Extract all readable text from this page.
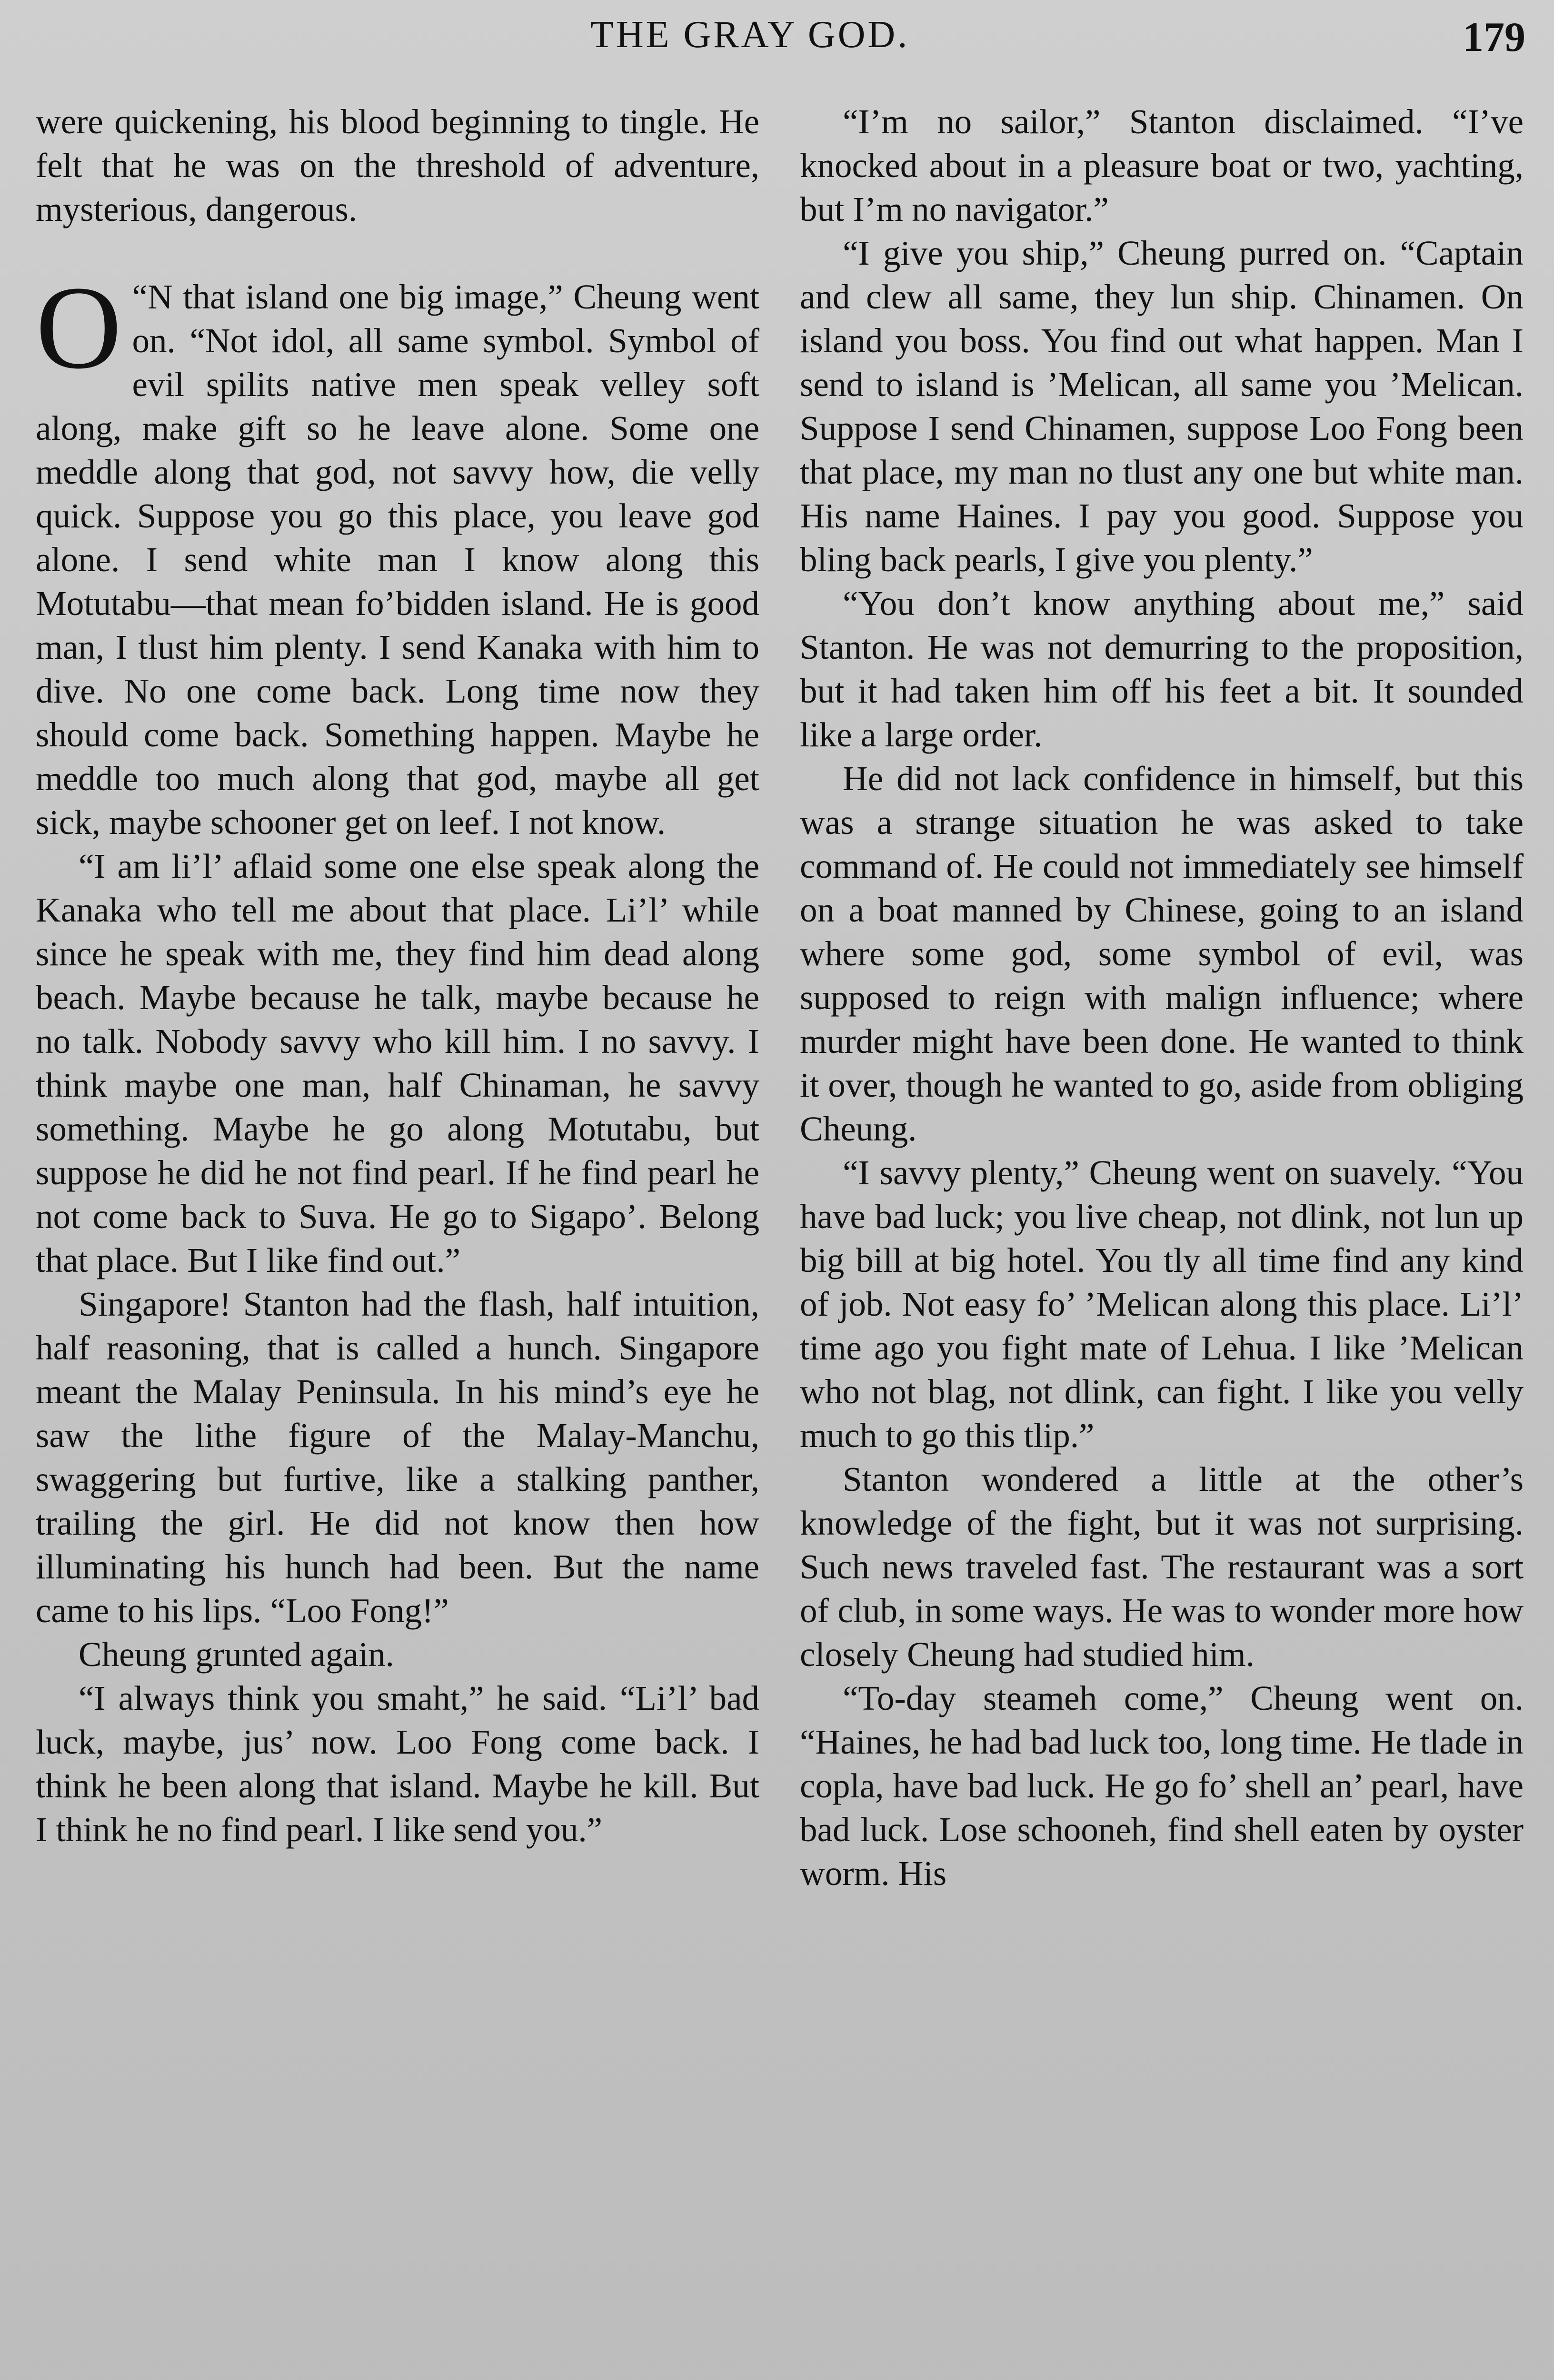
THE GRAY GOD.	179

were quickening, his blood beginning to tingle. He felt that he was on the threshold of adventure, mysterious, dangerous.

“
O N that island one big image,” Cheung went on. “Not idol, all same symbol. Symbol of evil spilits native men speak velley soft along, make gift so he leave alone. Some one meddle along that god, not savvy how, die velly quick. Suppose you go this place, you leave god alone. I send white man I know along this Motutabu—that mean fo’bidden island. He is good man, I tlust him plenty. I send Kanaka with him to dive. No one come back. Long time now they should come back. Something happen. Maybe he meddle too much along that god, maybe all get sick, maybe schooner get on leef. I not know.

“I am li’l’ aflaid some one else speak along the Kanaka who tell me about that place. Li’l’ while since he speak with me, they find him dead along beach. Maybe because he talk, maybe because he no talk. Nobody savvy who kill him. I no savvy. I think maybe one man, half Chinaman, he savvy something. Maybe he go along Motutabu, but suppose he did he not find pearl. If he find pearl he not come back to Suva. He go to Sigapo’. Belong that place. But I like find out.”

Singapore! Stanton had the flash, half intuition, half reasoning, that is called a hunch. Singapore meant the Malay Peninsula. In his mind’s eye he saw the lithe figure of the Malay-Manchu, swaggering but furtive, like a stalking panther, trailing the girl. He did not know then how illuminating his hunch had been. But the name came to his lips. “Loo Fong!”

Cheung grunted again.

“I always think you smaht,” he said. “Li’l’ bad luck, maybe, jus’ now. Loo Fong come back. I think he been along that island. Maybe he kill. But I think he no find pearl. I like send you.”

“I’m no sailor,” Stanton disclaimed. “I’ve knocked about in a pleasure boat or two, yachting, but I’m no navigator.”

“I give you ship,” Cheung purred on. “Captain and clew all same, they lun ship. Chinamen. On island you boss. You find out what happen. Man I send to island is ’Melican, all same you ’Melican. Suppose I send Chinamen, suppose Loo Fong been that place, my man no tlust any one but white man. His name Haines. I pay you good. Suppose you bling back pearls, I give you plenty.”

“You don’t know anything about me,” said Stanton. He was not demurring to the proposition, but it had taken him off his feet a bit. It sounded like a large order.

He did not lack confidence in himself, but this was a strange situation he was asked to take command of. He could not immediately see himself on a boat manned by Chinese, going to an island where some god, some symbol of evil, was supposed to reign with malign influence; where murder might have been done. He wanted to think it over, though he wanted to go, aside from obliging Cheung.

“I savvy plenty,” Cheung went on suavely. “You have bad luck; you live cheap, not dlink, not lun up big bill at big hotel. You tly all time find any kind of job. Not easy fo’ ’Melican along this place. Li’l’ time ago you fight mate of Lehua. I like ’Melican who not blag, not dlink, can fight. I like you velly much to go this tlip.”

Stanton wondered a little at the other’s knowledge of the fight, but it was not surprising. Such news traveled fast. The restaurant was a sort of club, in some ways. He was to wonder more how closely Cheung had studied him.

“To-day steameh come,” Cheung went on. “Haines, he had bad luck too, long time. He tlade in copla, have bad luck. He go fo’ shell an’ pearl, have bad luck. Lose schooneh, find shell eaten by oyster worm. His
